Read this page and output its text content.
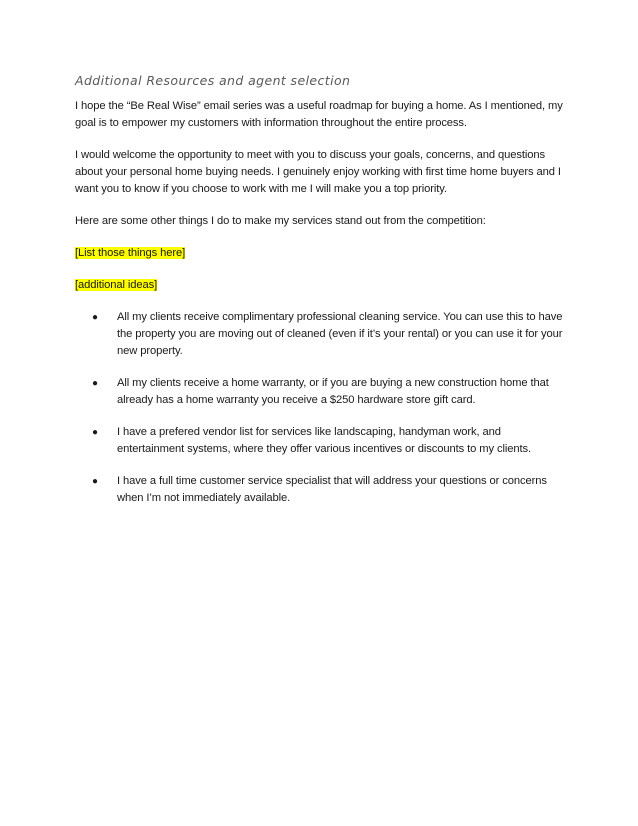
Additional Resources and agent selection

I hope the “Be Real Wise” email series was a useful roadmap for buying a home. As I mentioned, my goal is to empower my customers with information throughout the entire process.

I would welcome the opportunity to meet with you to discuss your goals, concerns, and questions about your personal home buying needs. I genuinely enjoy working with first time home buyers and I want you to know if you choose to work with me I will make you a top priority.

Here are some other things I do to make my services stand out from the competition:

[List those things here]

[additional ideas]

● All my clients receive complimentary professional cleaning service. You can use this to have the property you are moving out of cleaned (even if it’s your rental) or you can use it for your new property.
● All my clients receive a home warranty, or if you are buying a new construction home that already has a home warranty you receive a $250 hardware store gift card.
● I have a prefered vendor list for services like landscaping, handyman work, and entertainment systems, where they offer various incentives or discounts to my clients.
● I have a full time customer service specialist that will address your questions or concerns when I’m not immediately available.
